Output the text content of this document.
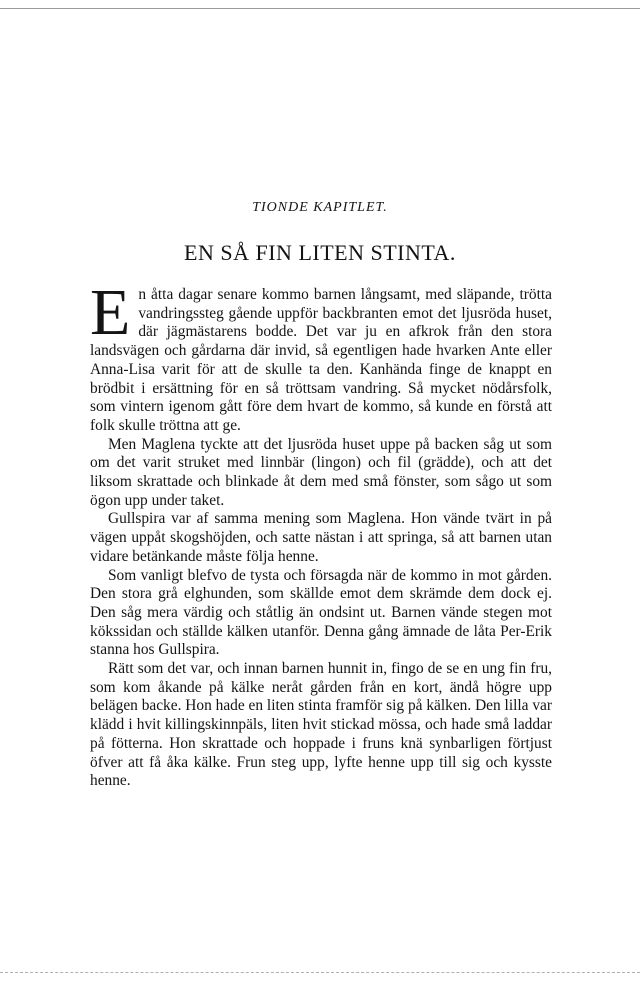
TIONDE KAPITLET.
EN SÅ FIN LITEN STINTA.

En åtta dagar senare kommo barnen långsamt, med släpande, trötta vandringssteg gående uppför backbranten emot det ljusröda huset, där jägmästarens bodde. Det var ju en afkrok från den stora landsvägen och gårdarna där invid, så egentligen hade hvarken Ante eller Anna-Lisa varit för att de skulle ta den. Kanhända finge de knappt en brödbit i ersättning för en så tröttsam vandring. Så mycket nödårsfolk, som vintern igenom gått före dem hvart de kommo, så kunde en förstå att folk skulle tröttna att ge.

Men Maglena tyckte att det ljusröda huset uppe på backen såg ut som om det varit struket med linnbär (lingon) och fil (grädde), och att det liksom skrattade och blinkade åt dem med små fönster, som sågo ut som ögon upp under taket.

Gullspira var af samma mening som Maglena. Hon vände tvärt in på vägen uppåt skogshöjden, och satte nästan i att springa, så att barnen utan vidare betänkande måste följa henne.

Som vanligt blefvo de tysta och försagda när de kommo in mot gården. Den stora grå elghunden, som skällde emot dem skrämde dem dock ej. Den såg mera värdig och ståtlig än ondsint ut. Barnen vände stegen mot kökssidan och ställde kälken utanför. Denna gång ämnade de låta Per-Erik stanna hos Gullspira.

Rätt som det var, och innan barnen hunnit in, fingo de se en ung fin fru, som kom åkande på kälke neråt gården från en kort, ändå högre upp belägen backe. Hon hade en liten stinta framför sig på kälken. Den lilla var klädd i hvit killingskinnpäls, liten hvit stickad mössa, och hade små laddar på fötterna. Hon skrattade och hoppade i fruns knä synbarligen förtjust öfver att få åka kälke. Frun steg upp, lyfte henne upp till sig och kysste henne.
